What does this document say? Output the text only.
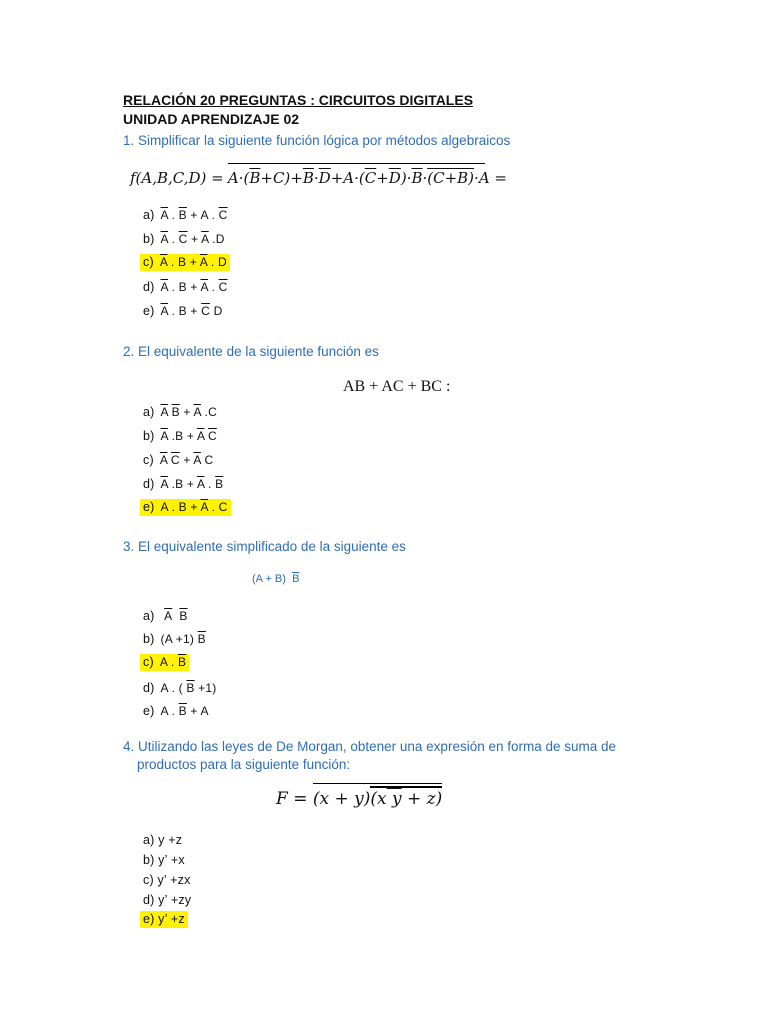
RELACIÓN 20 PREGUNTAS : CIRCUITOS DIGITALES
UNIDAD APRENDIZAJE 02
1. Simplificar la siguiente función lógica por métodos algebraicos
$f(A,B,C,D) = A\cdot(\overline{B}+C)+\overline{B}\cdot\overline{D}+A\cdot(\overline{C}+\overline{D})\cdot\overline{B}\cdot(C+B)\cdot A$ =
a) $\overline{A}$ . $\overline{B} + A$ . $\overline{C}$
b) $\overline{A}$ . $\overline{C} + \overline{A}$ .D
c) $\overline{A}$ . $B + \overline{A}$ . D
d) $\overline{A}$ . $B + \overline{A}$ . $\overline{C}$
e) $\overline{A}$ . $B + \overline{C}$ D
2. El equivalente de la siguiente función es
AB + AC + BC :
a) $\overline{A}$ $\overline{B} + \overline{A}$ .C
b) $\overline{A}$ $.B + \overline{A}$ $\overline{C}$
c) $\overline{A}$ $\overline{C} + \overline{A}$ C
d) $\overline{A}$ $.B + \overline{A}$ . $\overline{B}$
e) A . $B + \overline{A}$ . C
3. El equivalente simplificado de la siguiente es
(A + B) $\overline{B}$
a) $\overline{A}$ $\overline{B}$
b) (A +1) $\overline{B}$
c) A . $\overline{B}$
d) A . ( $\overline{B} +1$)
e) A . $\overline{B} + A$
4. Utilizando las leyes de De Morgan, obtener una expresión en forma de suma de
productos para la siguiente función:
F =
(x + y)(x y + z)
a) y +z
b) y’ +x
c) y’ +zx
d) y’ +zy
e) y’ +z
